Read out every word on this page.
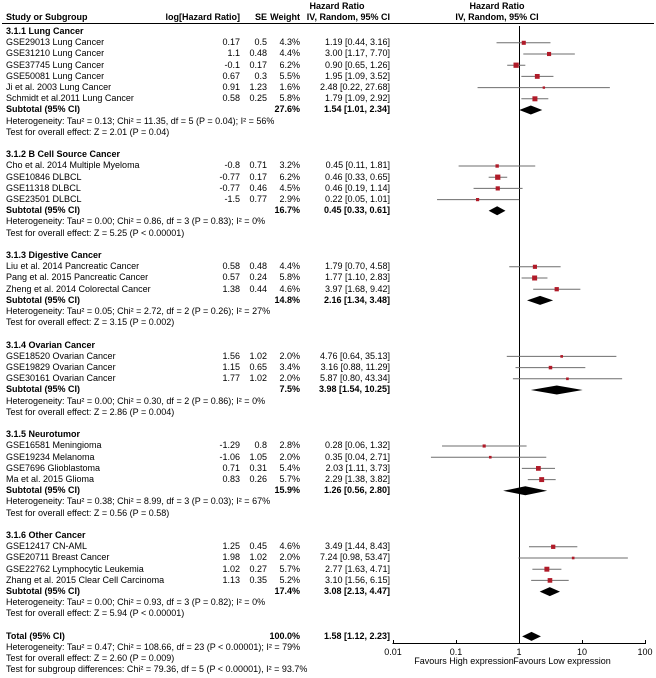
Hazard Ratio	Hazard Ratio
Study or Subgroup	log[Hazard Ratio] SE Weight IV, Random, 95% CI	IV, Random, 95% CI
3.1.1 Lung Cancer
GSE29013 Lung Cancer	0.17 0.5 4.3%	1.19 [0.44, 3.16]
GSE31210 Lung Cancer	1.1 0.48 4.4%	3.00 [1.17, 7.70]
GSE37745 Lung Cancer	-0.1 0.17 6.2%	0.90 [0.65, 1.26]
GSE50081 Lung Cancer	0.67 0.3 5.5%	1.95 [1.09, 3.52]
Ji et al. 2003 Lung Cancer	0.91 1.23 1.6% 2.48 [0.22, 27.68]
Schmidt et al.2011 Lung Cancer	0.58 0.25 5.8%	1.79 [1.09, 2.92]
Subtotal (95% CI)	27.6%	1.54 [1.01, 2.34]
Heterogeneity: Tau² = 0.13; Chi² = 11.35, df = 5 (P = 0.04); I² = 56%
Test for overall effect: Z = 2.01 (P = 0.04)
3.1.2 B Cell Source Cancer
Cho et al. 2014 Multiple Myeloma	-0.8 0.71 3.2%	0.45 [0.11, 1.81]
GSE10846 DLBCL	-0.77 0.17 6.2%	0.46 [0.33, 0.65]
GSE11318 DLBCL	-0.77 0.46 4.5%	0.46 [0.19, 1.14]
GSE23501 DLBCL	-1.5 0.77 2.9%	0.22 [0.05, 1.01]
Subtotal (95% CI)	16.7%	0.45 [0.33, 0.61]
Heterogeneity: Tau² = 0.00; Chi² = 0.86, df = 3 (P = 0.83); I² = 0%
Test for overall effect: Z = 5.25 (P < 0.00001)
3.1.3 Digestive Cancer
Liu et al. 2014 Pancreatic Cancer	0.58 0.48 4.4%	1.79 [0.70, 4.58]
Pang et al. 2015 Pancreatic Cancer	0.57 0.24 5.8%	1.77 [1.10, 2.83]
Zheng et al. 2014 Colorectal Cancer	1.38 0.44 4.6%	3.97 [1.68, 9.42]
Subtotal (95% CI)	14.8%	2.16 [1.34, 3.48]
Heterogeneity: Tau² = 0.05; Chi² = 2.72, df = 2 (P = 0.26); I² = 27%
Test for overall effect: Z = 3.15 (P = 0.002)
3.1.4 Ovarian Cancer
GSE18520 Ovarian Cancer	1.56 1.02 2.0% 4.76 [0.64, 35.13]
GSE19829 Ovarian Cancer	1.15 0.65 3.4% 3.16 [0.88, 11.29]
GSE30161 Ovarian Cancer	1.77 1.02 2.0% 5.87 [0.80, 43.34]
Subtotal (95% CI)	7.5% 3.98 [1.54, 10.25]
Heterogeneity: Tau² = 0.00; Chi² = 0.30, df = 2 (P = 0.86); I² = 0%
Test for overall effect: Z = 2.86 (P = 0.004)
3.1.5 Neurotumor
GSE16581 Meningioma	-1.29 0.8 2.8%	0.28 [0.06, 1.32]
GSE19234 Melanoma	-1.06 1.05 2.0%	0.35 [0.04, 2.71]
GSE7696 Glioblastoma	0.71 0.31 5.4%	2.03 [1.11, 3.73]
Ma et al. 2015 Glioma	0.83 0.26 5.7%	2.29 [1.38, 3.82]
Subtotal (95% CI)	15.9%	1.26 [0.56, 2.80]
Heterogeneity: Tau² = 0.38; Chi² = 8.99, df = 3 (P = 0.03); I² = 67%
Test for overall effect: Z = 0.56 (P = 0.58)
3.1.6 Other Cancer
GSE12417 CN-AML	1.25 0.45 4.6%	3.49 [1.44, 8.43]
GSE20711 Breast Cancer	1.98 1.02 2.0% 7.24 [0.98, 53.47]
GSE22762 Lymphocytic Leukemia	1.02 0.27 5.7%	2.77 [1.63, 4.71]
Zhang et al. 2015 Clear Cell Carcinoma	1.13 0.35 5.2%	3.10 [1.56, 6.15]
Subtotal (95% CI)	17.4%	3.08 [2.13, 4.47]
Heterogeneity: Tau² = 0.00; Chi² = 0.93, df = 3 (P = 0.82); I² = 0%
Test for overall effect: Z = 5.94 (P < 0.00001)
Total (95% CI)	100.0%	1.58 [1.12, 2.23]
Heterogeneity: Tau² = 0.47; Chi² = 108.66, df = 23 (P < 0.00001); I² = 79%
Test for overall effect: Z = 2.60 (P = 0.009)
Test for subgroup differences: Chi² = 79.36, df = 5 (P < 0.00001), I² = 93.7%
0.01	0.1	1	10	100
Favours High expression Favours Low expression
